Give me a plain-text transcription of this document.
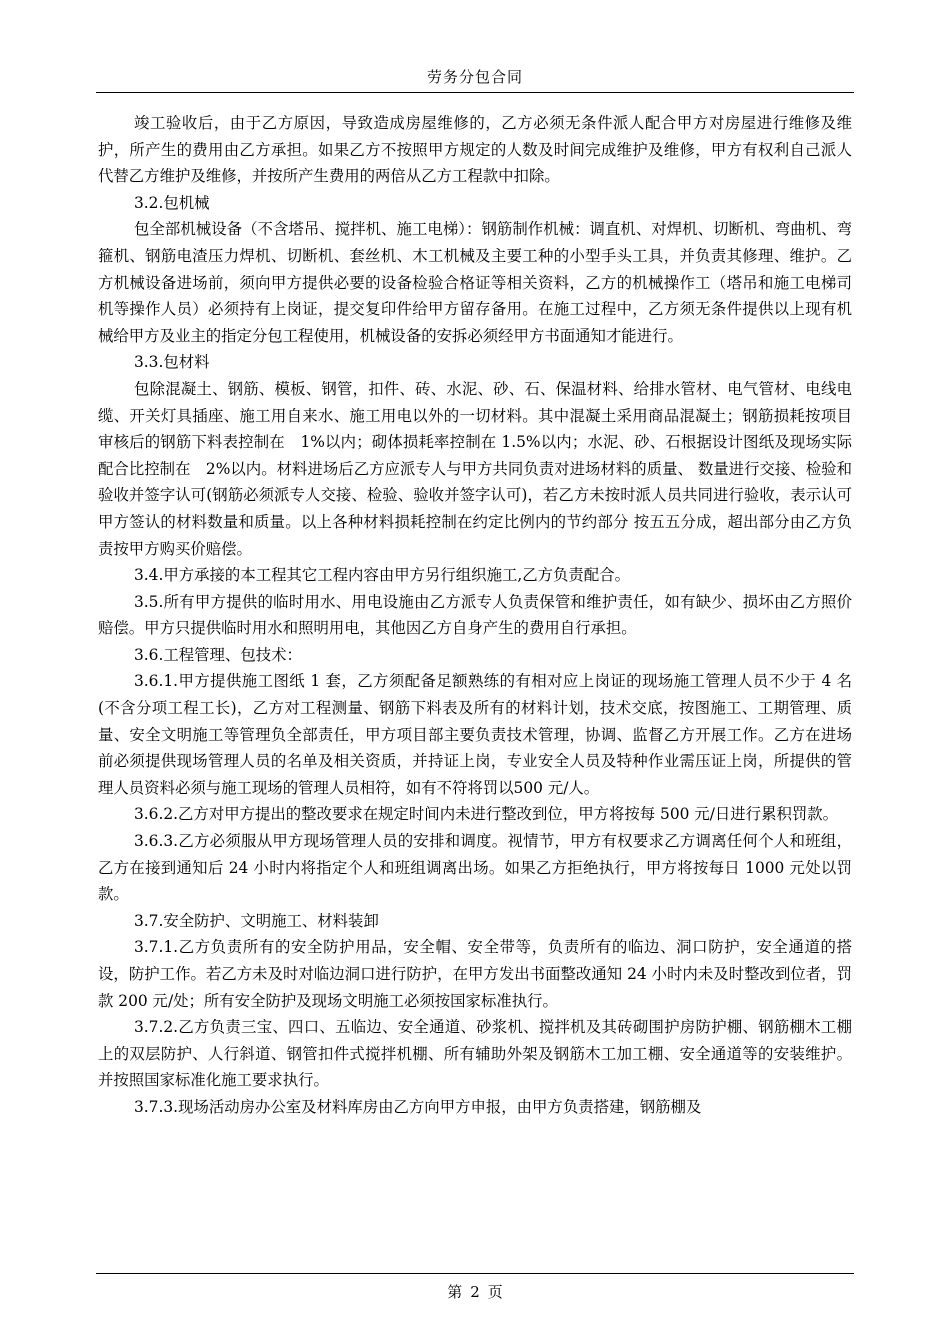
劳务分包合同

竣工验收后，由于乙方原因，导致造成房屋维修的，乙方必须无条件派人配合甲方对房屋进行维修及维护，所产生的费用由乙方承担。如果乙方不按照甲方规定的人数及时间完成维护及维修，甲方有权利自己派人代替乙方维护及维修，并按所产生费用的两倍从乙方工程款中扣除。

3.2.包机械

包全部机械设备（不含塔吊、搅拌机、施工电梯）：钢筋制作机械：调直机、对焊机、切断机、弯曲机、弯箍机、钢筋电渣压力焊机、切断机、套丝机、木工机械及主要工种的小型手头工具，并负责其修理、维护。乙方机械设备进场前，须向甲方提供必要的设备检验合格证等相关资料，乙方的机械操作工（塔吊和施工电梯司机等操作人员）必须持有上岗证，提交复印件给甲方留存备用。在施工过程中，乙方须无条件提供以上现有机械给甲方及业主的指定分包工程使用，机械设备的安拆必须经甲方书面通知才能进行。

3.3.包材料

包除混凝土、钢筋、模板、钢管，扣件、砖、水泥、砂、石、保温材料、给排水管材、电气管材、电线电缆、开关灯具插座、施工用自来水、施工用电以外的一切材料。其中混凝土采用商品混凝土；钢筋损耗按项目审核后的钢筋下料表控制在　1%以内；砌体损耗率控制在 1.5%以内；水泥、砂、石根据设计图纸及现场实际配合比控制在　2%以内。材料进场后乙方应派专人与甲方共同负责对进场材料的质量、 数量进行交接、检验和验收并签字认可(钢筋必须派专人交接、检验、验收并签字认可)，若乙方未按时派人员共同进行验收，表示认可甲方签认的材料数量和质量。以上各种材料损耗控制在约定比例内的节约部分 按五五分成，超出部分由乙方负责按甲方购买价赔偿。

3.4.甲方承接的本工程其它工程内容由甲方另行组织施工,乙方负责配合。

3.5.所有甲方提供的临时用水、用电设施由乙方派专人负责保管和维护责任，如有缺少、损坏由乙方照价赔偿。甲方只提供临时用水和照明用电，其他因乙方自身产生的费用自行承担。

3.6.工程管理、包技术：

3.6.1.甲方提供施工图纸 1 套，乙方须配备足额熟练的有相对应上岗证的现场施工管理人员不少于 4 名(不含分项工程工长)，乙方对工程测量、钢筋下料表及所有的材料计划，技术交底，按图施工、工期管理、质量、安全文明施工等管理负全部责任，甲方项目部主要负责技术管理，协调、监督乙方开展工作。乙方在进场前必须提供现场管理人员的名单及相关资质，并持证上岗，专业安全人员及特种作业需压证上岗，所提供的管理人员资料必须与施工现场的管理人员相符，如有不符将罚以500 元/人。

3.6.2.乙方对甲方提出的整改要求在规定时间内未进行整改到位，甲方将按每 500 元/日进行累积罚款。

3.6.3.乙方必须服从甲方现场管理人员的安排和调度。视情节，甲方有权要求乙方调离任何个人和班组，乙方在接到通知后 24 小时内将指定个人和班组调离出场。如果乙方拒绝执行，甲方将按每日 1000 元处以罚款。

3.7.安全防护、文明施工、材料装卸

3.7.1.乙方负责所有的安全防护用品，安全帽、安全带等，负责所有的临边、洞口防护，安全通道的搭设，防护工作。若乙方未及时对临边洞口进行防护，在甲方发出书面整改通知 24 小时内未及时整改到位者，罚款 200 元/处；所有安全防护及现场文明施工必须按国家标准执行。

3.7.2.乙方负责三宝、四口、五临边、安全通道、砂浆机、搅拌机及其砖砌围护房防护棚、钢筋棚木工棚上的双层防护、人行斜道、钢管扣件式搅拌机棚、所有辅助外架及钢筋木工加工棚、安全通道等的安装维护。并按照国家标准化施工要求执行。

3.7.3.现场活动房办公室及材料库房由乙方向甲方申报，由甲方负责搭建，钢筋棚及

第 2 页
